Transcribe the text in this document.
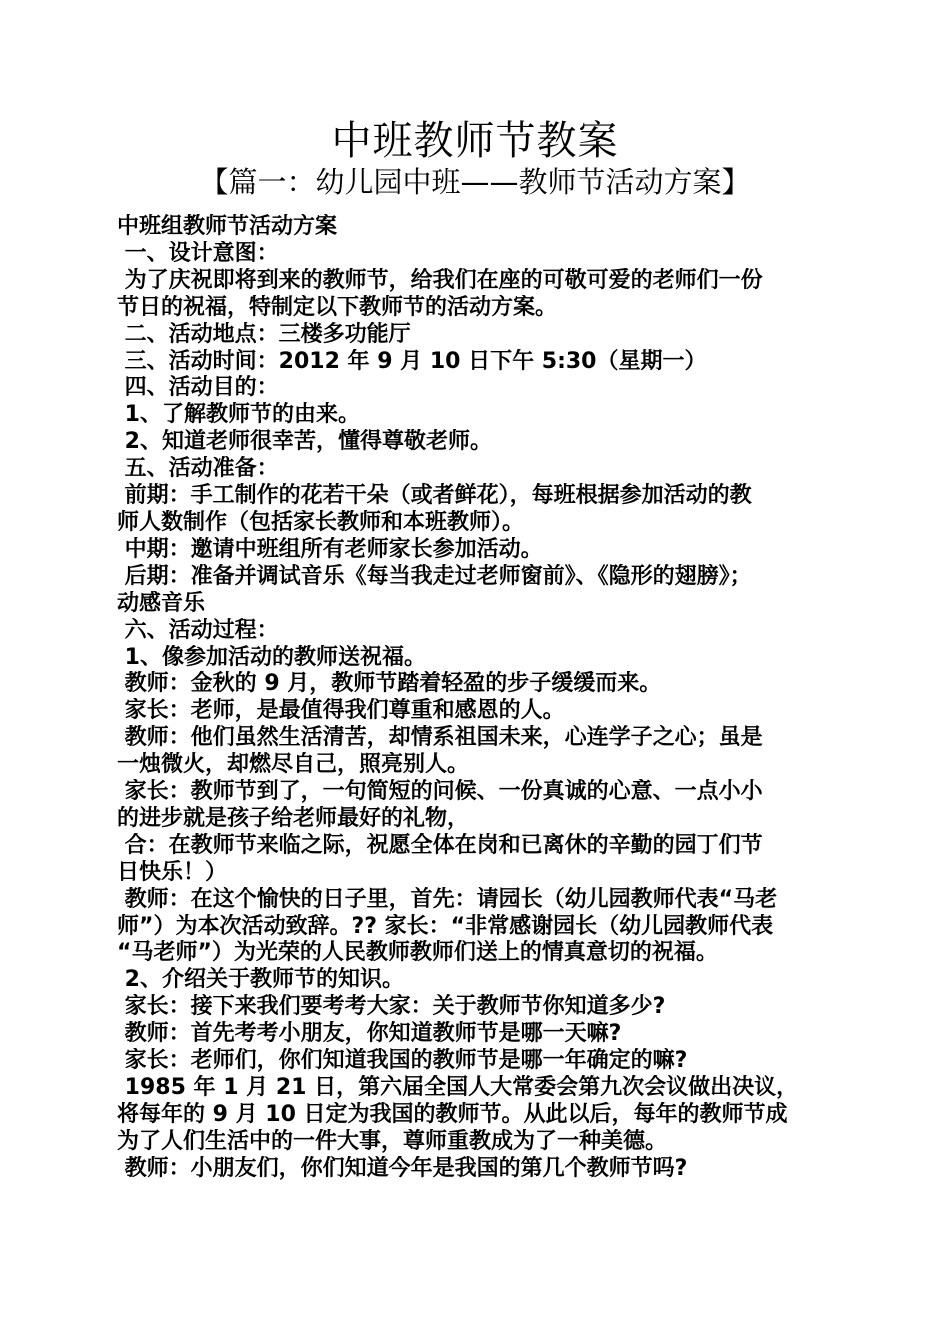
中班教师节教案
【篇一：幼儿园中班——教师节活动方案】
中班组教师节活动方案
一、设计意图：
为了庆祝即将到来的教师节，给我们在座的可敬可爱的老师们一份
节日的祝福，特制定以下教师节的活动方案。
二、活动地点：三楼多功能厅
三、活动时间：2012 年 9 月 10 日下午 5:30（星期一）
四、活动目的：
1、了解教师节的由来。
2、知道老师很幸苦，懂得尊敬老师。
五、活动准备：
前期：手工制作的花若干朵（或者鲜花），每班根据参加活动的教
师人数制作（包括家长教师和本班教师）。
中期：邀请中班组所有老师家长参加活动。
后期：准备并调试音乐《每当我走过老师窗前》、《隐形的翅膀》；
动感音乐
六、活动过程：
1、像参加活动的教师送祝福。
教师：金秋的 9 月，教师节踏着轻盈的步子缓缓而来。
家长：老师，是最值得我们尊重和感恩的人。
教师：他们虽然生活清苦，却情系祖国未来，心连学子之心；虽是
一烛微火，却燃尽自己，照亮别人。
家长：教师节到了，一句简短的问候、一份真诚的心意、一点小小
的进步就是孩子给老师最好的礼物，
合：在教师节来临之际，祝愿全体在岗和已离休的辛勤的园丁们节
日快乐！）
教师：在这个愉快的日子里，首先：请园长（幼儿园教师代表“马老
师”）为本次活动致辞。?? 家长：“非常感谢园长（幼儿园教师代表
“马老师”）为光荣的人民教师教师们送上的情真意切的祝福。
2、介绍关于教师节的知识。
家长：接下来我们要考考大家：关于教师节你知道多少?
教师：首先考考小朋友，你知道教师节是哪一天嘛?
家长：老师们，你们知道我国的教师节是哪一年确定的嘛?
1985 年 1 月 21 日，第六届全国人大常委会第九次会议做出决议，
将每年的 9 月 10 日定为我国的教师节。从此以后，每年的教师节成
为了人们生活中的一件大事，尊师重教成为了一种美德。
教师：小朋友们，你们知道今年是我国的第几个教师节吗?
